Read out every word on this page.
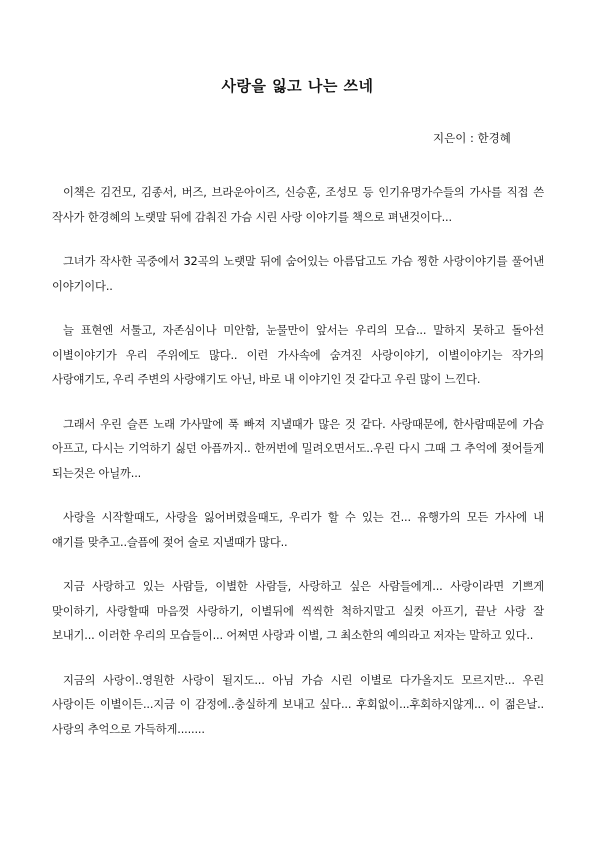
사랑을 잃고 나는 쓰네
지은이 : 한경혜

이책은 김건모, 김종서, 버즈, 브라운아이즈, 신승훈, 조성모 등 인기유명가수들의 가사를 직접 쓴 작사가 한경혜의 노랫말 뒤에 감춰진 가슴 시린 사랑 이야기를 책으로 펴낸것이다...

그녀가 작사한 곡중에서 32곡의 노랫말 뒤에 숨어있는 아름답고도 가슴 찡한 사랑이야기를 풀어낸 이야기이다..

늘 표현엔 서툴고, 자존심이나 미안함, 눈물만이 앞서는 우리의 모습... 말하지 못하고 돌아선 이별이야기가 우리 주위에도 많다.. 이런 가사속에 숨겨진 사랑이야기, 이별이야기는 작가의 사랑얘기도, 우리 주변의 사랑얘기도 아닌, 바로 내 이야기인 것 같다고 우린 많이 느낀다.

그래서 우린 슬픈 노래 가사말에 푹 빠져 지낼때가 많은 것 같다. 사랑때문에, 한사람때문에 가슴 아프고, 다시는 기억하기 싫던 아픔까지.. 한꺼번에 밀려오면서도..우린 다시 그때 그 추억에 젖어들게 되는것은 아닐까...

사랑을 시작할때도, 사랑을 잃어버렸을때도, 우리가 할 수 있는 건... 유행가의 모든 가사에 내 얘기를 맞추고..슬픔에 젖어 술로 지낼때가 많다..

지금 사랑하고 있는 사람들, 이별한 사람들, 사랑하고 싶은 사람들에게... 사랑이라면 기쁘게 맞이하기, 사랑할때 마음껏 사랑하기, 이별뒤에 씩씩한 척하지말고 실컷 아프기, 끝난 사랑 잘 보내기... 이러한 우리의 모습들이... 어쩌면 사랑과 이별, 그 최소한의 예의라고 저자는 말하고 있다..

지금의 사랑이..영원한 사랑이 될지도... 아님 가슴 시린 이별로 다가올지도 모르지만... 우린 사랑이든 이별이든...지금 이 감정에..충실하게 보내고 싶다... 후회없이...후회하지않게... 이 젊은날.. 사랑의 추억으로 가득하게........
